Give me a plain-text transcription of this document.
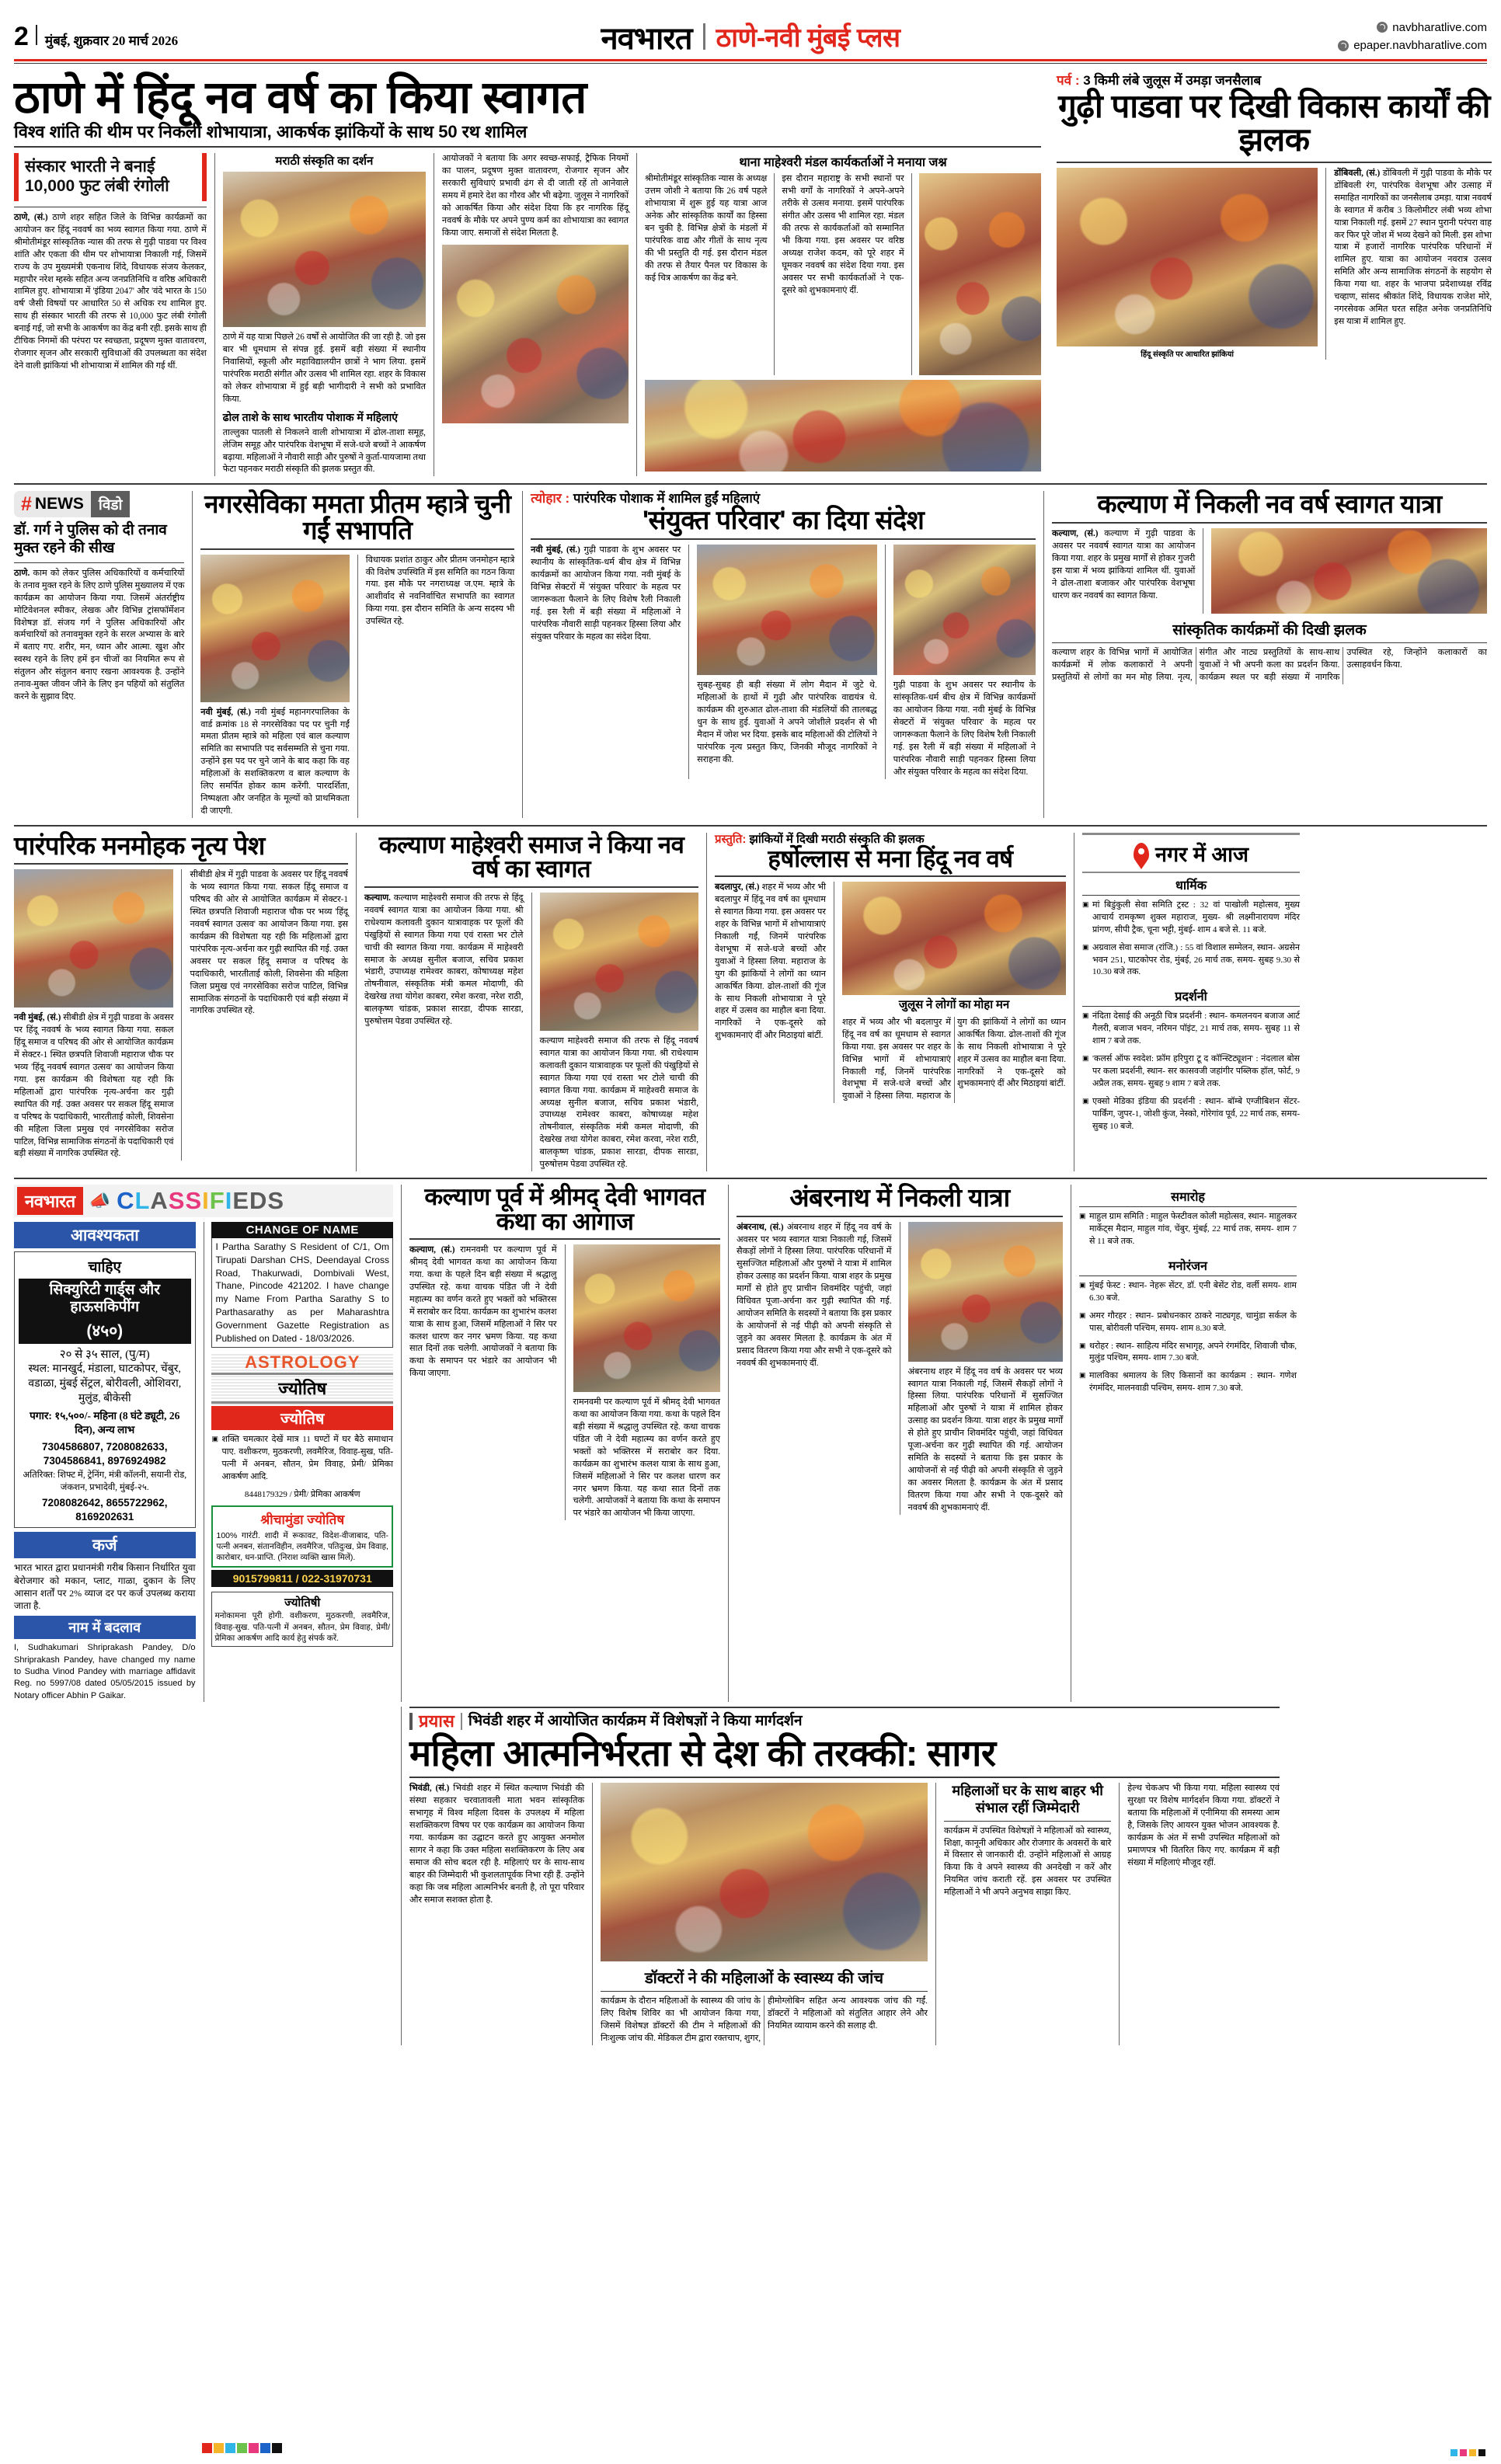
2 मुंबई, शुक्रवार 20 मार्च 2026	नवभारत ठाणे-नवी मुंबई प्लस	navbharatlive.com
epaper.navbharatlive.com
ठाणे में हिंदू नव वर्ष का किया स्वागत
विश्व शांति की थीम पर निकली शोभायात्रा, आकर्षक झांकियों के साथ 50 रथ शामिल
संस्कार भारती ने बनाई 10,000 फुट लंबी रंगोली
ठाणे, (सं.) ठाणे शहर सहित जिले के विभिन्न कार्यक्रमों का आयोजन कर हिंदू नववर्ष का भव्य स्वागत किया गया. ठाणे में श्रीमोतीमंडूर सांस्कृतिक न्यास की तरफ से गुढ़ी पाडवा पर विश्व शांति और एकता की थीम पर शोभायात्रा निकाली गई, जिसमें राज्य के उप मुख्यमंत्री एकनाथ शिंदे, विधायक संजय केलकर, महापौर नरेश म्हस्के सहित अन्य जनप्रतिनिधि व वरिष्ठ अधिकारी शामिल हुए. शोभायात्रा में 'इंडिया 2047' और 'वंदे भारत के 150 वर्ष' जैसी विषयों पर आधारित 50 से अधिक रथ शामिल हुए. साथ ही संस्कार भारती की तरफ से 10,000 फुट लंबी रंगोली बनाई गई, जो सभी के आकर्षण का केंद्र बनी रही. इसके साथ ही टीचिक निगमों की परंपरा पर स्वच्छता, प्रदूषण मुक्त वातावरण, रोजगार सृजन और सरकारी सुविधाओं की उपलब्धता का संदेश देने वाली झांकियां भी शोभायात्रा में शामिल की गई थीं.
मराठी संस्कृति का दर्शन
ठाणे में यह यात्रा पिछले 26 वर्षों से आयोजित की जा रही है. जो इस बार भी धूमधाम से संपन्न हुई. इसमें बड़ी संख्या में स्थानीय निवासियों, स्कूली और महाविद्यालयीन छात्रों ने भाग लिया. इसमें पारंपरिक मराठी संगीत और उत्सव भी शामिल रहा. शहर के विकास को लेकर शोभायात्रा में हुई बड़ी भागीदारी ने सभी को प्रभावित किया.
ढोल ताशे के साथ भारतीय पोशाक में महिलाएं
ताल्लुका पातली से निकलने वाली शोभायात्रा में ढोल-ताशा समूह, लेजिम समूह और पारंपरिक वेशभूषा में सजे-धजे बच्चों ने आकर्षण बढ़ाया. महिलाओं ने नौवारी साड़ी और पुरुषों ने कुर्ता-पायजामा तथा फेटा पहनकर मराठी संस्कृति की झलक प्रस्तुत की.
आयोजकों ने बताया कि अगर स्वच्छ-सफाई, ट्रैफिक नियमों का पालन, प्रदूषण मुक्त वातावरण, रोजगार सृजन और सरकारी सुविधाएं प्रभावी ढंग से दी जाती रहें तो आनेवाले समय में हमारे देश का गौरव और भी बढ़ेगा. जुलूस ने नागरिकों को आकर्षित किया और संदेश दिया कि हर नागरिक हिंदू नववर्ष के मौके पर अपने पुण्य कर्म का शोभायात्रा का स्वागत किया जाए. समाजों से संदेश मिलता है.
थाना माहेश्वरी मंडल कार्यकर्ताओं ने मनाया जश्न
श्रीमोतीमंडूर सांस्कृतिक न्यास के अध्यक्ष उत्तम जोशी ने बताया कि 26 वर्ष पहले शोभायात्रा में शुरू हुई यह यात्रा आज अनेक और सांस्कृतिक कार्यों का हिस्सा बन चुकी है. विभिन्न क्षेत्रों के मंडलों में पारंपरिक वाद्य और गीतों के साथ नृत्य की भी प्रस्तुति दी गई. इस दौरान मंडल की तरफ से तैयार पैनल पर विकास के कई चित्र आकर्षण का केंद्र बने.
इस दौरान महाराष्ट्र के सभी स्थानों पर सभी वर्गों के नागरिकों ने अपने-अपने तरीके से उत्सव मनाया. इसमें पारंपरिक संगीत और उत्सव भी शामिल रहा. मंडल की तरफ से कार्यकर्ताओं को सम्मानित भी किया गया. इस अवसर पर वरिष्ठ अध्यक्ष राजेश कदम, को पूरे शहर में घूमकर नववर्ष का संदेश दिया गया. इस अवसर पर सभी कार्यकर्ताओं ने एक-दूसरे को शुभकामनाएं दीं.
पर्व : 3 किमी लंबे जुलूस में उमड़ा जनसैलाब
गुढ़ी पाडवा पर दिखी विकास कार्यों की झलक
हिंदू संस्कृति पर आधारित झांकियां
डोंबिवली, (सं.) डोंबिवली में गुढ़ी पाडवा के मौके पर डोंबिवली रंग, पारंपरिक वेशभूषा और उत्साह में समाहित नागरिकों का जनसैलाब उमड़ा. यात्रा नववर्ष के स्वागत में करीब 3 किलोमीटर लंबी भव्य शोभा यात्रा निकाली गई. इसमें 27 स्थान पुरानी परंपरा वाह कर फिर पूरे जोश में भव्य देखने को मिली. इस शोभा यात्रा में हजारों नागरिक पारंपरिक परिधानों में शामिल हुए. यात्रा का आयोजन नवरात्र उत्सव समिति और अन्य सामाजिक संगठनों के सहयोग से किया गया था. शहर के भाजपा प्रदेशाध्यक्ष रविंद्र चव्हाण, सांसद श्रीकांत शिंदे, विधायक राजेश मोरे, नगरसेवक अमित घरत सहित अनेक जनप्रतिनिधि इस यात्रा में शामिल हुए.
# NEWS	विडो
डॉ. गर्ग ने पुलिस को दी तनाव मुक्त रहने की सीख
ठाणे. काम को लेकर पुलिस अधिकारियों व कर्मचारियों के तनाव मुक्त रहने के लिए ठाणे पुलिस मुख्यालय में एक कार्यक्रम का आयोजन किया गया. जिसमें अंतर्राष्ट्रीय मोटिवेशनल स्पीकर, लेखक और विभिन्न ट्रांसफॉर्मेशन विशेषज्ञ डॉ. संजय गर्ग ने पुलिस अधिकारियों और कर्मचारियों को तनावमुक्त रहने के सरल अभ्यास के बारे में बताए गए. शरीर, मन, ध्यान और आत्मा. खुश और स्वस्थ रहने के लिए हमें इन चीजों का नियमित रूप से संतुलन और संतुलन बनाए रखना आवश्यक है. उन्होंने तनाव-मुक्त जीवन जीने के लिए इन पहियों को संतुलित करने के सुझाव दिए.
नगरसेविका ममता प्रीतम म्हात्रे चुनी गईं सभापति
नवी मुंबई, (सं.) नवी मुंबई महानगरपालिका के वार्ड क्रमांक 18 से नगरसेविका पद पर चुनी गईं ममता प्रीतम म्हात्रे को महिला एवं बाल कल्याण समिति का सभापति पद सर्वसम्मति से चुना गया. उन्होंने इस पद पर चुने जाने के बाद कहा कि वह महिलाओं के सशक्तिकरण व बाल कल्याण के लिए समर्पित होकर काम करेंगी. पारदर्शिता, निष्पक्षता और जनहित के मूल्यों को प्राथमिकता दी जाएगी.
विधायक प्रशांत ठाकुर और प्रीतम जनमोहन म्हात्रे की विशेष उपस्थिति में इस समिति का गठन किया गया. इस मौके पर नगराध्यक्ष ज.एम. म्हात्रे के आशीर्वाद से नवनिर्वाचित सभापति का स्वागत किया गया. इस दौरान समिति के अन्य सदस्य भी उपस्थित रहे.
त्योहार : पारंपरिक पोशाक में शामिल हुईं महिलाएं
'संयुक्त परिवार' का दिया संदेश
नवी मुंबई, (सं.) गुढ़ी पाडवा के शुभ अवसर पर स्थानीय के सांस्कृतिक-धर्म बीच क्षेत्र में विभिन्न कार्यक्रमों का आयोजन किया गया. नवी मुंबई के विभिन्न सेक्टरों में 'संयुक्त परिवार' के महत्व पर जागरूकता फैलाने के लिए विशेष रैली निकाली गई. इस रैली में बड़ी संख्या में महिलाओं ने पारंपरिक नौवारी साड़ी पहनकर हिस्सा लिया और संयुक्त परिवार के महत्व का संदेश दिया.
सुबह-सुबह ही बड़ी संख्या में लोग मैदान में जुटे थे. महिलाओं के हाथों में गुढ़ी और पारंपरिक वाद्ययंत्र थे. कार्यक्रम की शुरुआत ढोल-ताशा की मंडलियों की तालबद्ध धुन के साथ हुई. युवाओं ने अपने जोशीले प्रदर्शन से भी मैदान में जोश भर दिया. इसके बाद महिलाओं की टोलियों ने पारंपरिक नृत्य प्रस्तुत किए, जिनकी मौजूद नागरिकों ने सराहना की.
गुढ़ी पाडवा के शुभ अवसर पर स्थानीय के सांस्कृतिक-धर्म बीच क्षेत्र में विभिन्न कार्यक्रमों का आयोजन किया गया. नवी मुंबई के विभिन्न सेक्टरों में 'संयुक्त परिवार' के महत्व पर जागरूकता फैलाने के लिए विशेष रैली निकाली गई. इस रैली में बड़ी संख्या में महिलाओं ने पारंपरिक नौवारी साड़ी पहनकर हिस्सा लिया और संयुक्त परिवार के महत्व का संदेश दिया.
कल्याण में निकली नव वर्ष स्वागत यात्रा
कल्याण, (सं.) कल्याण में गुढ़ी पाडवा के अवसर पर नववर्ष स्वागत यात्रा का आयोजन किया गया. शहर के प्रमुख मार्गों से होकर गुजरी इस यात्रा में भव्य झांकियां शामिल थीं. युवाओं ने ढोल-ताशा बजाकर और पारंपरिक वेशभूषा धारण कर नववर्ष का स्वागत किया.
सांस्कृतिक कार्यक्रमों की दिखी झलक
कल्याण शहर के विभिन्न भागों में आयोजित कार्यक्रमों में लोक कलाकारों ने अपनी प्रस्तुतियों से लोगों का मन मोह लिया. नृत्य, संगीत और नाट्य प्रस्तुतियों के साथ-साथ युवाओं ने भी अपनी कला का प्रदर्शन किया. कार्यक्रम स्थल पर बड़ी संख्या में नागरिक उपस्थित रहे, जिन्होंने कलाकारों का उत्साहवर्धन किया.
पारंपरिक मनमोहक नृत्य पेश
नवी मुंबई, (सं.) सीबीडी क्षेत्र में गुढ़ी पाडवा के अवसर पर हिंदू नववर्ष के भव्य स्वागत किया गया. सकल हिंदू समाज व परिषद की ओर से आयोजित कार्यक्रम में सेक्टर-1 स्थित छत्रपति शिवाजी महाराज चौक पर भव्य 'हिंदू नववर्ष स्वागत उत्सव' का आयोजन किया गया. इस कार्यक्रम की विशेषता यह रही कि महिलाओं द्वारा पारंपरिक नृत्य-अर्चना कर गुढ़ी स्थापित की गई. उक्त अवसर पर सकल हिंदू समाज व परिषद के पदाधिकारी, भारतीताई कोली, शिवसेना की महिला जिला प्रमुख एवं नगरसेविका सरोज पाटिल, विभिन्न सामाजिक संगठनों के पदाधिकारी एवं बड़ी संख्या में नागरिक उपस्थित रहे.
सीबीडी क्षेत्र में गुढ़ी पाडवा के अवसर पर हिंदू नववर्ष के भव्य स्वागत किया गया. सकल हिंदू समाज व परिषद की ओर से आयोजित कार्यक्रम में सेक्टर-1 स्थित छत्रपति शिवाजी महाराज चौक पर भव्य 'हिंदू नववर्ष स्वागत उत्सव' का आयोजन किया गया. इस कार्यक्रम की विशेषता यह रही कि महिलाओं द्वारा पारंपरिक नृत्य-अर्चना कर गुढ़ी स्थापित की गई. उक्त अवसर पर सकल हिंदू समाज व परिषद के पदाधिकारी, भारतीताई कोली, शिवसेना की महिला जिला प्रमुख एवं नगरसेविका सरोज पाटिल, विभिन्न सामाजिक संगठनों के पदाधिकारी एवं बड़ी संख्या में नागरिक उपस्थित रहे.
कल्याण माहेश्वरी समाज ने किया नव वर्ष का स्वागत
कल्याण. कल्याण माहेश्वरी समाज की तरफ से हिंदू नववर्ष स्वागत यात्रा का आयोजन किया गया. श्री राधेश्याम कलावती दुकान यात्रावाहक पर फूलों की पंखुड़ियों से स्वागत किया गया एवं रास्ता भर टोले चाची की स्वागत किया गया. कार्यक्रम में माहेश्वरी समाज के अध्यक्ष सुनील बजाज, सचिव प्रकाश भंडारी, उपाध्यक्ष रामेश्वर काबरा, कोषाध्यक्ष महेश तोषनीवाल, संस्कृतिक मंत्री कमल मोदाणी, की देखरेख तथा योगेश काबरा, रमेश करवा, नरेश राठी, बालकृष्ण चांडक, प्रकाश सारडा, दीपक सारडा, पुरुषोत्तम पेडवा उपस्थित रहे.
कल्याण माहेश्वरी समाज की तरफ से हिंदू नववर्ष स्वागत यात्रा का आयोजन किया गया. श्री राधेश्याम कलावती दुकान यात्रावाहक पर फूलों की पंखुड़ियों से स्वागत किया गया एवं रास्ता भर टोले चाची की स्वागत किया गया. कार्यक्रम में माहेश्वरी समाज के अध्यक्ष सुनील बजाज, सचिव प्रकाश भंडारी, उपाध्यक्ष रामेश्वर काबरा, कोषाध्यक्ष महेश तोषनीवाल, संस्कृतिक मंत्री कमल मोदाणी, की देखरेख तथा योगेश काबरा, रमेश करवा, नरेश राठी, बालकृष्ण चांडक, प्रकाश सारडा, दीपक सारडा, पुरुषोत्तम पेडवा उपस्थित रहे.
प्रस्तुति: झांकियों में दिखी मराठी संस्कृति की झलक
हर्षोल्लास से मना हिंदू नव वर्ष
बदलापुर, (सं.) शहर में भव्य और भी बदलापुर में हिंदू नव वर्ष का धूमधाम से स्वागत किया गया. इस अवसर पर शहर के विभिन्न भागों में शोभायात्राएं निकाली गईं, जिनमें पारंपरिक वेशभूषा में सजे-धजे बच्चों और युवाओं ने हिस्सा लिया. महाराज के युग की झांकियों ने लोगों का ध्यान आकर्षित किया. ढोल-ताशों की गूंज के साथ निकली शोभायात्रा ने पूरे शहर में उत्सव का माहौल बना दिया. नागरिकों ने एक-दूसरे को शुभकामनाएं दीं और मिठाइयां बांटीं.
जुलूस ने लोगों का मोहा मन
शहर में भव्य और भी बदलापुर में हिंदू नव वर्ष का धूमधाम से स्वागत किया गया. इस अवसर पर शहर के विभिन्न भागों में शोभायात्राएं निकाली गईं, जिनमें पारंपरिक वेशभूषा में सजे-धजे बच्चों और युवाओं ने हिस्सा लिया. महाराज के युग की झांकियों ने लोगों का ध्यान आकर्षित किया. ढोल-ताशों की गूंज के साथ निकली शोभायात्रा ने पूरे शहर में उत्सव का माहौल बना दिया. नागरिकों ने एक-दूसरे को शुभकामनाएं दीं और मिठाइयां बांटीं.
नगर में आज
धार्मिक
▣ मां बिडुंकुली सेवा समिति ट्रस्ट : 32 वां पाखोली महोत्सव, मुख्य आचार्य रामकृष्ण शुक्ल महाराज, मुख्य- श्री लक्ष्मीनारायण मंदिर प्रांगण, सीपी ट्रैक, चूना भट्टी, मुंबई- शाम 4 बजे से. 11 बजे.
▣ अग्रवाल सेवा समाज (रांजि.) : 55 वां विशाल सम्मेलन, स्थान- अग्रसेन भवन 251, घाटकोपर रोड, मुंबई, 26 मार्च तक, समय- सुबह 9.30 से 10.30 बजे तक.
प्रदर्शनी
▣ नंदिता देसाई की अनूठी चित्र प्रदर्शनी : स्थान- कमलनयन बजाज आर्ट गैलरी, बजाज भवन, नरिमन पॉइंट, 21 मार्च तक, समय- सुबह 11 से शाम 7 बजे तक.
▣ 'कलर्स ऑफ स्वदेश: फ्रॉम हरिपुरा टू द कॉन्स्टिट्यूशन' : नंदलाल बोस पर कला प्रदर्शनी, स्थान- सर कासवजी जहांगीर पब्लिक हॉल, फोर्ट, 9 अप्रैल तक, समय- सुबह 9 शाम 7 बजे तक.
▣ एक्सो मेडिका इंडिया की प्रदर्शनी : स्थान- बॉम्बे एग्जीबिशन सेंटर-पार्किंग, जुपर-1, जोशी कुंज, नेस्को, गोरेगांव पूर्व, 22 मार्च तक, समय- सुबह 10 बजे.
नवभारत 📣 CLASSIFIEDS
आवश्यकता
चाहिए
सिक्युरिटी गार्ड्स और हाऊसकिपींग
(४५०)
२० से ३५ साल, (पु/म)
स्थल: मानखुर्द, मंडाला, घाटकोपर, चेंबुर, वडाळा, मुंबई सेंट्रल, बोरीवली, ओशिवरा, मुलुंड, बीकेसी
पगार: १५,५००/- महिना (8 घंटे ड्यूटी, 26 दिन), अन्य लाभ
7304586807, 7208082633, 7304586841, 8976924982
अतिरिक्त: शिफ्ट में, ट्रेनिंग, मंत्री कॉलनी, सयानी रोड, जंकशन, प्रभादेवी, मुंबई-२५.
7208082642, 8655722962, 8169202631
कर्ज
भारत भारत द्वारा प्रधानमंत्री गरीब किसान निर्धारित युवा बेरोजगार को मकान, प्लाट, गाळा, दुकान के लिए आसान शर्तों पर 2% व्याज दर पर कर्ज उपलब्ध कराया जाता है.
नाम में बदलाव
I, Sudhakumari Shriprakash Pandey, D/o Shriprakash Pandey, have changed my name to Sudha Vinod Pandey with marriage affidavit Reg. no 5997/08 dated 05/05/2015 issued by Notary officer Abhin P Gaikar.
CHANGE OF NAME
I Partha Sarathy S Resident of C/1, Om Tirupati Darshan CHS, Deendayal Cross Road, Thakurwadi, Dombivali West, Thane, Pincode 421202. I have change my Name From Partha Sarathy S to Parthasarathy as per Maharashtra Government Gazette Registration as Published on Dated - 18/03/2026.
ASTROLOGY
ज्योतिष
ज्योतिष
▣ शक्ति चमत्कार देखें मात्र 11 घण्टों में घर बैठे समाधान पाए. वशीकरण, मुठकरणी, लवमैरिज, विवाह-सुख, पति-पत्नी में अनबन, सौतन, प्रेम विवाह, प्रेमी/ प्रेमिका आकर्षण आदि.
8448179329 / प्रेमी/ प्रेमिका आकर्षण
श्रीचामुंडा ज्योतिष
100% गारंटी. शादी में रूकावट, विदेश-वीजाबाद, पति-पत्नी अनबन, संतानविहीन, लवमैरिज, पतिदुःख, प्रेम विवाह, कारोबार, धन-प्राप्ति. (निराश व्यक्ति खास मिलें).
9015799811 / 022-31970731
ज्योतिषी
मनोकामना पूरी होगी. वशीकरण, मुठकरणी, लवमैरिज, विवाह-सुख. पति-पत्नी में अनबन, सौतन, प्रेम विवाह, प्रेमी/ प्रेमिका आकर्षण आदि कार्य हेतु संपर्क करें.
कल्याण पूर्व में श्रीमद् देवी भागवत कथा का आगाज
कल्याण, (सं.) रामनवमी पर कल्याण पूर्व में श्रीमद् देवी भागवत कथा का आयोजन किया गया. कथा के पहले दिन बड़ी संख्या में श्रद्धालु उपस्थित रहे. कथा वाचक पंडित जी ने देवी महात्म्य का वर्णन करते हुए भक्तों को भक्तिरस में सराबोर कर दिया. कार्यक्रम का शुभारंभ कलश यात्रा के साथ हुआ, जिसमें महिलाओं ने सिर पर कलश धारण कर नगर भ्रमण किया. यह कथा सात दिनों तक चलेगी. आयोजकों ने बताया कि कथा के समापन पर भंडारे का आयोजन भी किया जाएगा.
रामनवमी पर कल्याण पूर्व में श्रीमद् देवी भागवत कथा का आयोजन किया गया. कथा के पहले दिन बड़ी संख्या में श्रद्धालु उपस्थित रहे. कथा वाचक पंडित जी ने देवी महात्म्य का वर्णन करते हुए भक्तों को भक्तिरस में सराबोर कर दिया. कार्यक्रम का शुभारंभ कलश यात्रा के साथ हुआ, जिसमें महिलाओं ने सिर पर कलश धारण कर नगर भ्रमण किया. यह कथा सात दिनों तक चलेगी. आयोजकों ने बताया कि कथा के समापन पर भंडारे का आयोजन भी किया जाएगा.
अंबरनाथ में निकली यात्रा
अंबरनाथ, (सं.) अंबरनाथ शहर में हिंदू नव वर्ष के अवसर पर भव्य स्वागत यात्रा निकाली गई, जिसमें सैकड़ों लोगों ने हिस्सा लिया. पारंपरिक परिधानों में सुसज्जित महिलाओं और पुरुषों ने यात्रा में शामिल होकर उत्साह का प्रदर्शन किया. यात्रा शहर के प्रमुख मार्गों से होते हुए प्राचीन शिवमंदिर पहुंची, जहां विधिवत पूजा-अर्चना कर गुढ़ी स्थापित की गई. आयोजन समिति के सदस्यों ने बताया कि इस प्रकार के आयोजनों से नई पीढ़ी को अपनी संस्कृति से जुड़ने का अवसर मिलता है. कार्यक्रम के अंत में प्रसाद वितरण किया गया और सभी ने एक-दूसरे को नववर्ष की शुभकामनाएं दीं.
अंबरनाथ शहर में हिंदू नव वर्ष के अवसर पर भव्य स्वागत यात्रा निकाली गई, जिसमें सैकड़ों लोगों ने हिस्सा लिया. पारंपरिक परिधानों में सुसज्जित महिलाओं और पुरुषों ने यात्रा में शामिल होकर उत्साह का प्रदर्शन किया. यात्रा शहर के प्रमुख मार्गों से होते हुए प्राचीन शिवमंदिर पहुंची, जहां विधिवत पूजा-अर्चना कर गुढ़ी स्थापित की गई. आयोजन समिति के सदस्यों ने बताया कि इस प्रकार के आयोजनों से नई पीढ़ी को अपनी संस्कृति से जुड़ने का अवसर मिलता है. कार्यक्रम के अंत में प्रसाद वितरण किया गया और सभी ने एक-दूसरे को नववर्ष की शुभकामनाएं दीं.
समारोह
▣ माहुल ग्राम समिति : माहुल फेस्टीवल कोली महोत्सव, स्थान- माहुलकर मार्केट्स मैदान, माहुल गांव, चेंबुर, मुंबई, 22 मार्च तक, समय- शाम 7 से 11 बजे तक.
मनोरंजन
▣ मुंबई फेस्ट : स्थान- नेहरू सेंटर, डॉ. एनी बेसेंट रोड, वर्ली समय- शाम 6.30 बजे.
▣ अमर गौरहर : स्थान- प्रबोधनकार ठाकरे नाट्यगृह, चामुंडा सर्कल के पास, बोरीवली पश्चिम, समय- शाम 8.30 बजे.
▣ थरोहर : स्थान- साहित्य मंदिर सभागृह, अपने रंगमंदिर, शिवाजी चौक, मुलुंड पश्चिम, समय- शाम 7.30 बजे.
▣ मालविका श्रमालय के लिए किसानों का कार्यक्रम : स्थान- गणेश रंगमंदिर, मालनवाडी पश्चिम, समय- शाम 7.30 बजे.
प्रयास भिवंडी शहर में आयोजित कार्यक्रम में विशेषज्ञों ने किया मार्गदर्शन
महिला आत्मनिर्भरता से देश की तरक्की: सागर
भिवंडी, (सं.) भिवंडी शहर में स्थित कल्याण भिवंडी की संस्था सहकार चरवातावली माता भवन सांस्कृतिक सभागृह में विश्व महिला दिवस के उपलक्ष्य में महिला सशक्तिकरण विषय पर एक कार्यक्रम का आयोजन किया गया. कार्यक्रम का उद्घाटन करते हुए आयुक्त अनमोल सागर ने कहा कि उक्त महिला सशक्तिकरण के लिए अब समाज की सोच बदल रही है. महिलाएं घर के साथ-साथ बाहर की जिम्मेदारी भी कुशलतापूर्वक निभा रही हैं. उन्होंने कहा कि जब महिला आत्मनिर्भर बनती है, तो पूरा परिवार और समाज सशक्त होता है.
डॉक्टरों ने की महिलाओं के स्वास्थ्य की जांच
कार्यक्रम के दौरान महिलाओं के स्वास्थ्य की जांच के लिए विशेष शिविर का भी आयोजन किया गया, जिसमें विशेषज्ञ डॉक्टरों की टीम ने महिलाओं की निःशुल्क जांच की. मेडिकल टीम द्वारा रक्तचाप, शुगर, हीमोग्लोबिन सहित अन्य आवश्यक जांच की गईं. डॉक्टरों ने महिलाओं को संतुलित आहार लेने और नियमित व्यायाम करने की सलाह दी.
महिलाओं घर के साथ बाहर भी संभाल रहीं जिम्मेदारी
कार्यक्रम में उपस्थित विशेषज्ञों ने महिलाओं को स्वास्थ्य, शिक्षा, कानूनी अधिकार और रोजगार के अवसरों के बारे में विस्तार से जानकारी दी. उन्होंने महिलाओं से आग्रह किया कि वे अपने स्वास्थ्य की अनदेखी न करें और नियमित जांच कराती रहें. इस अवसर पर उपस्थित महिलाओं ने भी अपने अनुभव साझा किए.
हेल्थ चेकअप भी किया गया. महिला स्वास्थ्य एवं सुरक्षा पर विशेष मार्गदर्शन किया गया. डॉक्टरों ने बताया कि महिलाओं में एनीमिया की समस्या आम है, जिसके लिए आयरन युक्त भोजन आवश्यक है. कार्यक्रम के अंत में सभी उपस्थित महिलाओं को प्रमाणपत्र भी वितरित किए गए. कार्यक्रम में बड़ी संख्या में महिलाएं मौजूद रहीं.
